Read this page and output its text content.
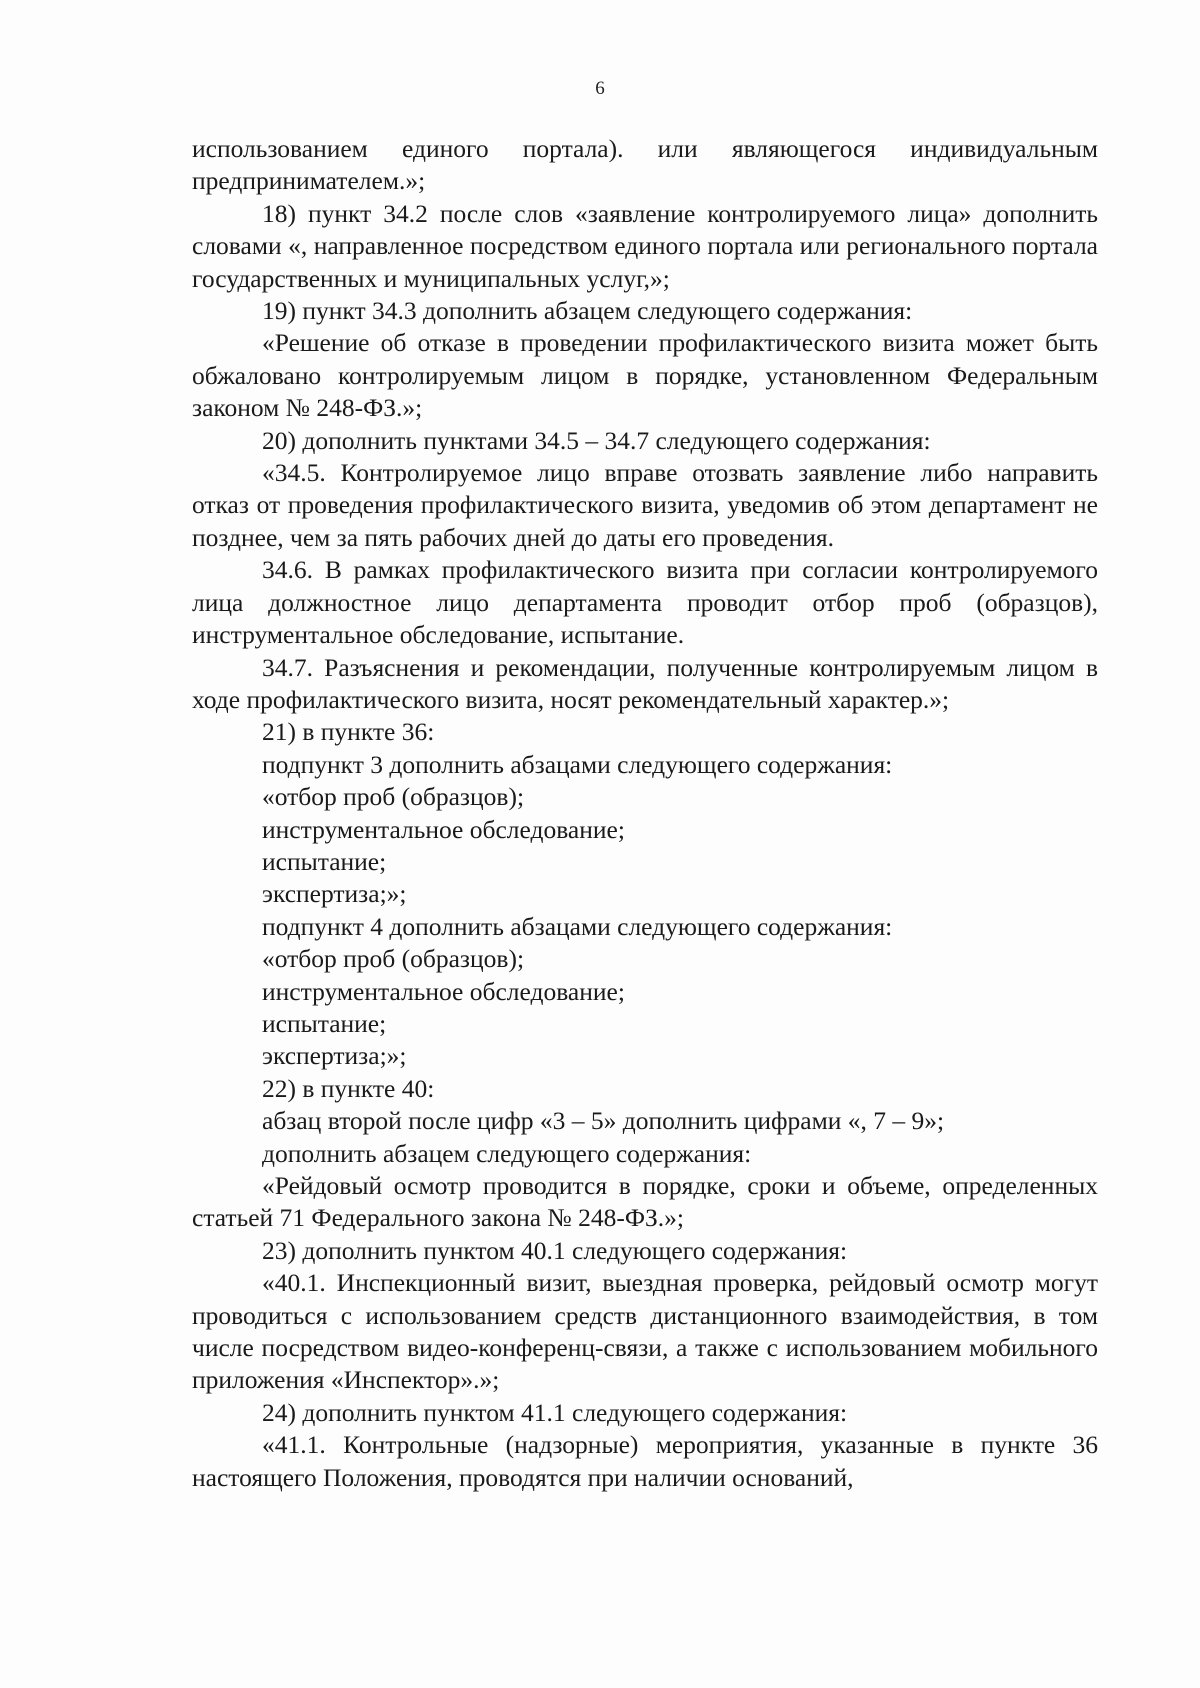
6

использованием единого портала). или являющегося индивидуальным предпринимателем.»;

18) пункт 34.2 после слов «заявление контролируемого лица» дополнить словами «, направленное посредством единого портала или регионального портала государственных и муниципальных услуг,»;

19) пункт 34.3 дополнить абзацем следующего содержания:

«Решение об отказе в проведении профилактического визита может быть обжаловано контролируемым лицом в порядке, установленном Федеральным законом № 248-ФЗ.»;

20) дополнить пунктами 34.5 – 34.7 следующего содержания:

«34.5. Контролируемое лицо вправе отозвать заявление либо направить отказ от проведения профилактического визита, уведомив об этом департамент не позднее, чем за пять рабочих дней до даты его проведения.

34.6. В рамках профилактического визита при согласии контролируемого лица должностное лицо департамента проводит отбор проб (образцов), инструментальное обследование, испытание.

34.7. Разъяснения и рекомендации, полученные контролируемым лицом в ходе профилактического визита, носят рекомендательный характер.»;

21) в пункте 36:

подпункт 3 дополнить абзацами следующего содержания:

«отбор проб (образцов);

инструментальное обследование;

испытание;

экспертиза;»;

подпункт 4 дополнить абзацами следующего содержания:

«отбор проб (образцов);

инструментальное обследование;

испытание;

экспертиза;»;

22) в пункте 40:

абзац второй после цифр «3 – 5» дополнить цифрами «, 7 – 9»;

дополнить абзацем следующего содержания:

«Рейдовый осмотр проводится в порядке, сроки и объеме, определенных статьей 71 Федерального закона № 248-ФЗ.»;

23) дополнить пунктом 40.1 следующего содержания:

«40.1. Инспекционный визит, выездная проверка, рейдовый осмотр могут проводиться с использованием средств дистанционного взаимодействия, в том числе посредством видео-конференц-связи, а также с использованием мобильного приложения «Инспектор».»;

24) дополнить пунктом 41.1 следующего содержания:

«41.1. Контрольные (надзорные) мероприятия, указанные в пункте 36 настоящего Положения, проводятся при наличии оснований,
